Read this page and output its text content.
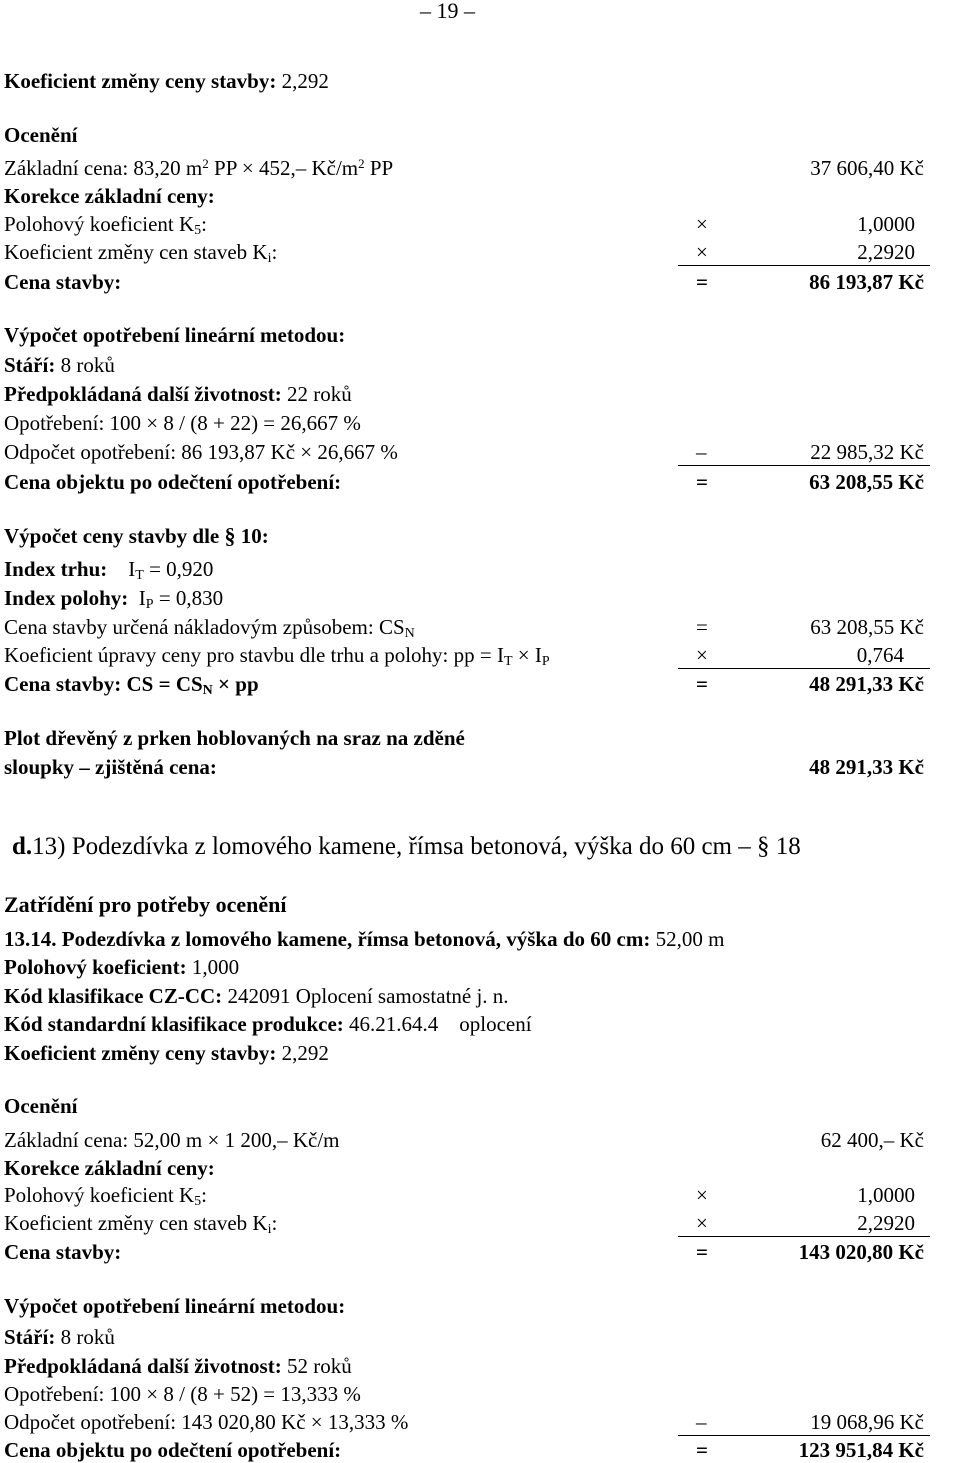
– 19 –
Koeficient změny ceny stavby: 2,292
Ocenění
Základní cena: 83,20 $m^2$ PP × 452,– $Kč/m^2$ PP	37 606,40 Kč
Korekce základní ceny:
Polohový koeficient $K_5$:	×	1,0000
Koeficient změny cen staveb $K_i$:	×	2,2920
Cena stavby:	=	86 193,87 Kč
Výpočet opotřebení lineární metodou:
Stáří: 8 roků
Předpokládaná další životnost: 22 roků
Opotřebení: 100 × 8 / (8 + 22) = 26,667 %
Odpočet opotřebení: 86 193,87 Kč × 26,667 %	–	22 985,32 Kč
Cena objektu po odečtení opotřebení:	=	63 208,55 Kč
Výpočet ceny stavby dle § 10:
Index trhu: $I_T = 0,920$
Index polohy: $I_P = 0,830$
Cena stavby určená nákladovým způsobem: $CS_N$	=	63 208,55 Kč
Koeficient úpravy ceny pro stavbu dle trhu a polohy: pp = $I_T \times I_P$	×	0,764
Cena stavby: CS = $CS_N$ × pp	=	48 291,33 Kč
Plot dřevěný z prken hoblovaných na sraz na zděné
sloupky – zjištěná cena:	48 291,33 Kč
d.13) Podezdívka z lomového kamene, římsa betonová, výška do 60 cm – § 18
Zatřídění pro potřeby ocenění
13.14. Podezdívka z lomového kamene, římsa betonová, výška do 60 cm: 52,00 m
Polohový koeficient: 1,000
Kód klasifikace CZ-CC: 242091 Oplocení samostatné j. n.
Kód standardní klasifikace produkce: 46.21.64.4 oplocení
Koeficient změny ceny stavby: 2,292
Ocenění
Základní cena: 52,00 m × 1 200,– Kč/m	62 400,– Kč
Korekce základní ceny:
Polohový koeficient $K_5$:	×	1,0000
Koeficient změny cen staveb $K_i$:	×	2,2920
Cena stavby:	=	143 020,80 Kč
Výpočet opotřebení lineární metodou:
Stáří: 8 roků
Předpokládaná další životnost: 52 roků
Opotřebení: 100 × 8 / (8 + 52) = 13,333 %
Odpočet opotřebení: 143 020,80 Kč × 13,333 %	–	19 068,96 Kč
Cena objektu po odečtení opotřebení:	=	123 951,84 Kč
